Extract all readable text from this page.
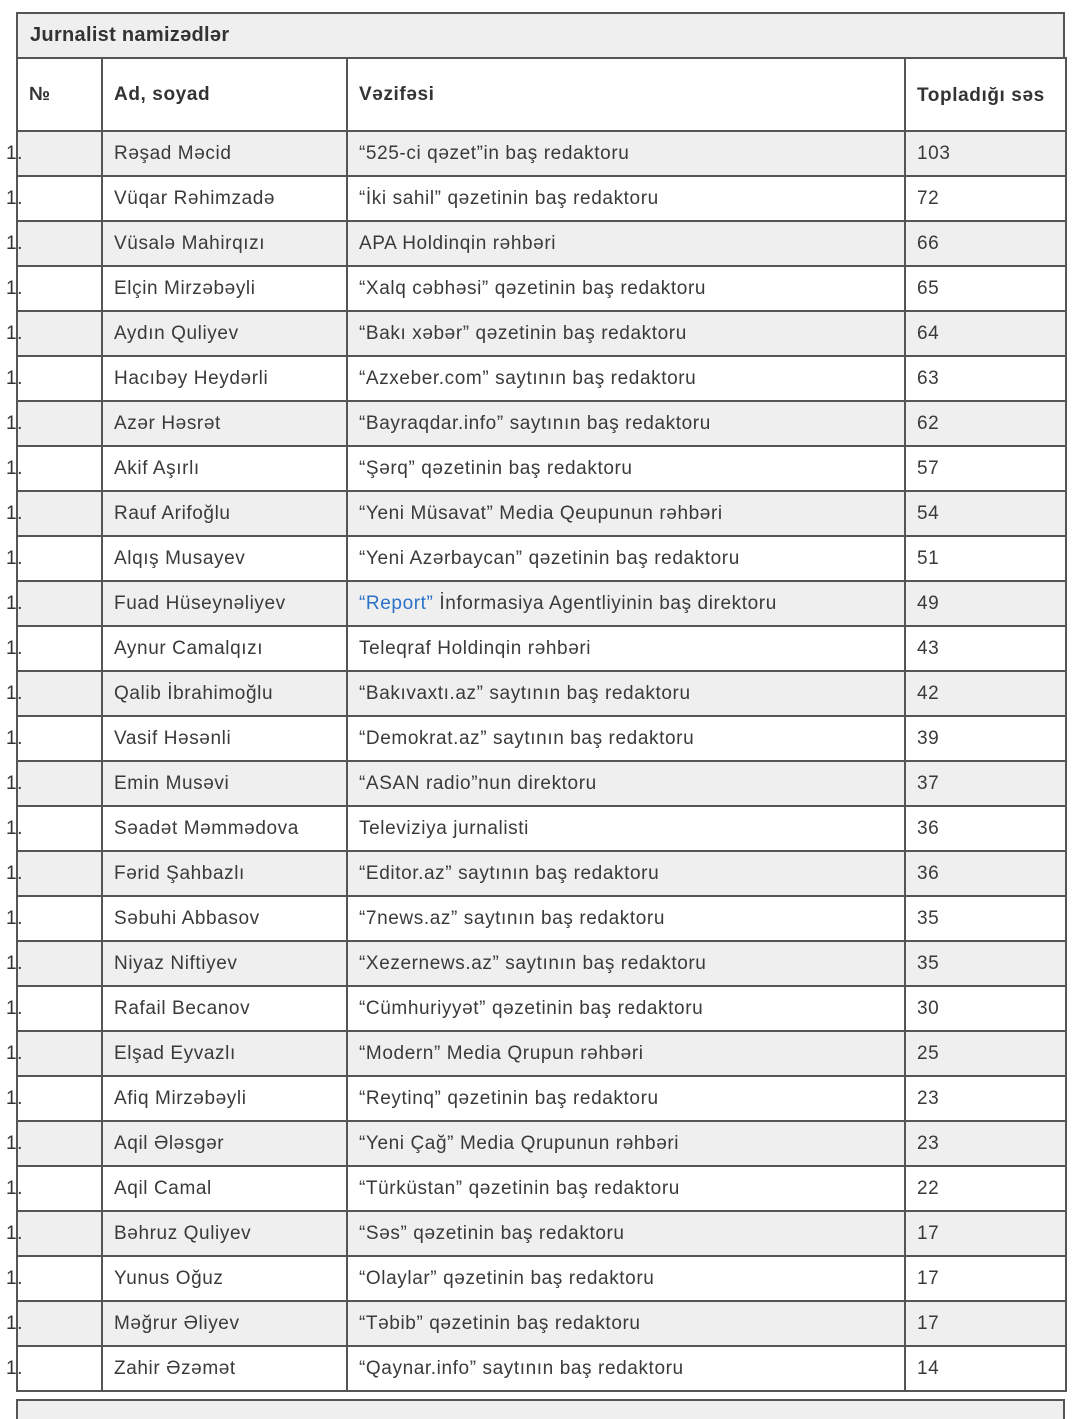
Jurnalist namizədlər
№	Ad, soyad	Vəzifəsi	Topladığı səs

1.	Rəşad Məcid	“525-ci qəzet”in baş redaktoru	103

1.	Vüqar Rəhimzadə	“İki sahil” qəzetinin baş redaktoru	72

1.	Vüsalə Mahirqızı	APA Holdinqin rəhbəri	66

1.	Elçin Mirzəbəyli	“Xalq cəbhəsi” qəzetinin baş redaktoru	65

1.	Aydın Quliyev	“Bakı xəbər” qəzetinin baş redaktoru	64

1.	Hacıbəy Heydərli	“Azxeber.com” saytının baş redaktoru	63

1.	Azər Həsrət	“Bayraqdar.info” saytının baş redaktoru	62

1.	Akif Aşırlı	“Şərq” qəzetinin baş redaktoru	57

1.	Rauf Arifoğlu	“Yeni Müsavat” Media Qeupunun rəhbəri	54

1.	Alqış Musayev	“Yeni Azərbaycan” qəzetinin baş redaktoru	51

1.	Fuad Hüseynəliyev	“Report” İnformasiya Agentliyinin baş direktoru	49

1.	Aynur Camalqızı	Teleqraf Holdinqin rəhbəri	43

1.	Qalib İbrahimoğlu	“Bakıvaxtı.az” saytının baş redaktoru	42

1.	Vasif Həsənli	“Demokrat.az” saytının baş redaktoru	39

1.	Emin Musəvi	“ASAN radio”nun direktoru	37

1.	Səadət Məmmədova	Televiziya jurnalisti	36

1.	Fərid Şahbazlı	“Editor.az” saytının baş redaktoru	36

1.	Səbuhi Abbasov	“7news.az” saytının baş redaktoru	35

1.	Niyaz Niftiyev	“Xezernews.az” saytının baş redaktoru	35

1.	Rafail Becanov	“Cümhuriyyət” qəzetinin baş redaktoru	30

1.	Elşad Eyvazlı	“Modern” Media Qrupun rəhbəri	25

1.	Afiq Mirzəbəyli	“Reytinq” qəzetinin baş redaktoru	23

1.	Aqil Ələsgər	“Yeni Çağ” Media Qrupunun rəhbəri	23

1.	Aqil Camal	“Türküstan” qəzetinin baş redaktoru	22

1.	Bəhruz Quliyev	“Səs” qəzetinin baş redaktoru	17

1.	Yunus Oğuz	“Olaylar” qəzetinin baş redaktoru	17

1.	Məğrur Əliyev	“Təbib” qəzetinin baş redaktoru	17

1.	Zahir Əzəmət	“Qaynar.info” saytının baş redaktoru	14
